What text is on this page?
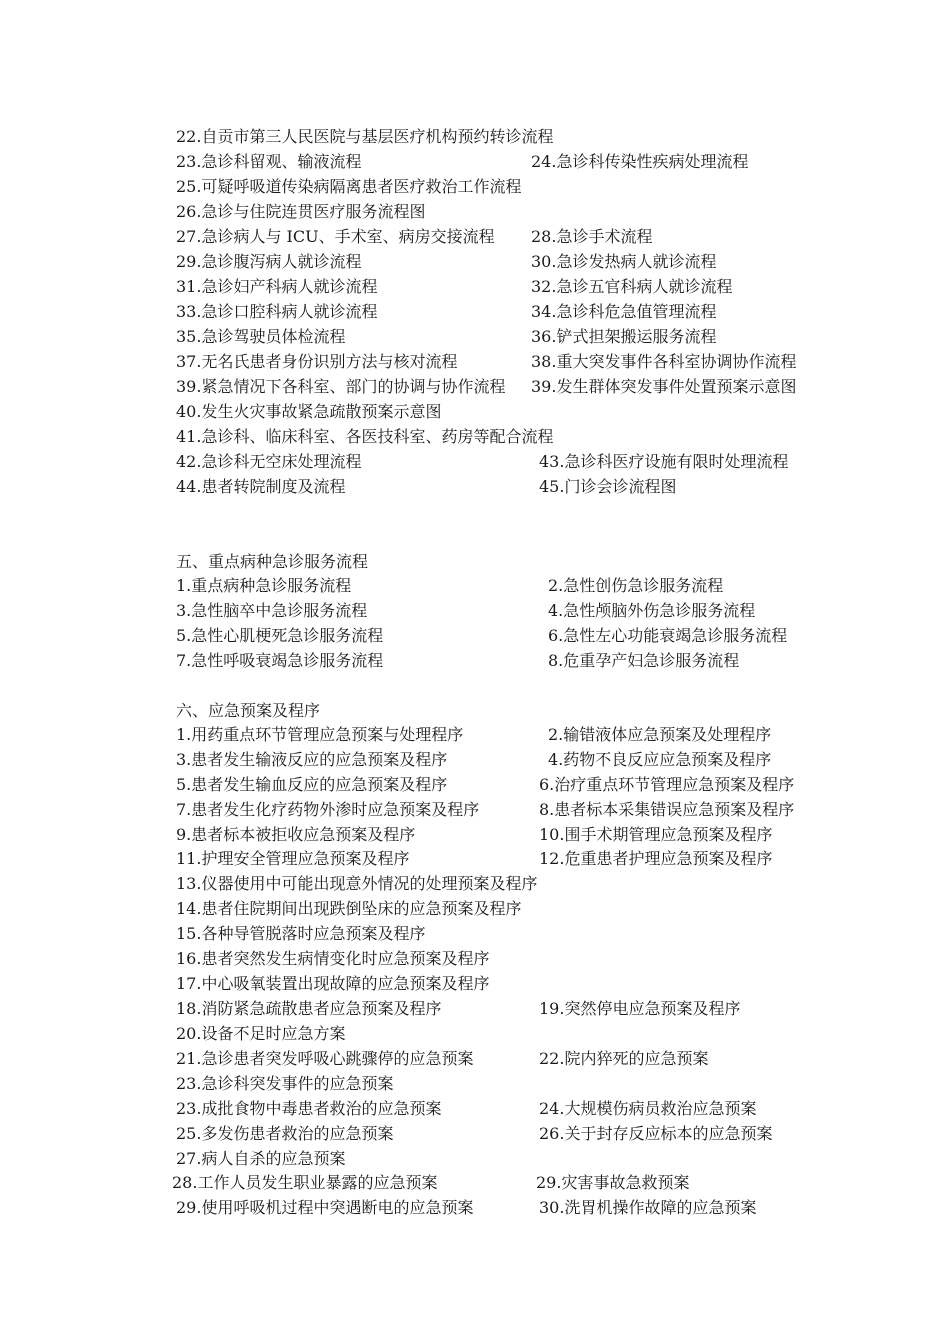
22.自贡市第三人民医院与基层医疗机构预约转诊流程
23.急诊科留观、输液流程	24.急诊科传染性疾病处理流程
25.可疑呼吸道传染病隔离患者医疗救治工作流程
26.急诊与住院连贯医疗服务流程图
27.急诊病人与 ICU、手术室、病房交接流程 28.急诊手术流程
29.急诊腹泻病人就诊流程	30.急诊发热病人就诊流程
31.急诊妇产科病人就诊流程	32.急诊五官科病人就诊流程
33.急诊口腔科病人就诊流程	34.急诊科危急值管理流程
35.急诊驾驶员体检流程	36.铲式担架搬运服务流程
37.无名氏患者身份识别方法与核对流程	38.重大突发事件各科室协调协作流程
39.紧急情况下各科室、部门的协调与协作流程 39.发生群体突发事件处置预案示意图
40.发生火灾事故紧急疏散预案示意图
41.急诊科、临床科室、各医技科室、药房等配合流程
42.急诊科无空床处理流程	43.急诊科医疗设施有限时处理流程
44.患者转院制度及流程	45.门诊会诊流程图
五、重点病种急诊服务流程
1.重点病种急诊服务流程	2.急性创伤急诊服务流程
3.急性脑卒中急诊服务流程	4.急性颅脑外伤急诊服务流程
5.急性心肌梗死急诊服务流程	6.急性左心功能衰竭急诊服务流程
7.急性呼吸衰竭急诊服务流程	8.危重孕产妇急诊服务流程
六、应急预案及程序
1.用药重点环节管理应急预案与处理程序	2.输错液体应急预案及处理程序
3.患者发生输液反应的应急预案及程序	4.药物不良反应应急预案及程序
5.患者发生输血反应的应急预案及程序	6.治疗重点环节管理应急预案及程序
7.患者发生化疗药物外渗时应急预案及程序	8.患者标本采集错误应急预案及程序
9.患者标本被拒收应急预案及程序	10.围手术期管理应急预案及程序
11.护理安全管理应急预案及程序	12.危重患者护理应急预案及程序
13.仪器使用中可能出现意外情况的处理预案及程序
14.患者住院期间出现跌倒坠床的应急预案及程序
15.各种导管脱落时应急预案及程序
16.患者突然发生病情变化时应急预案及程序
17.中心吸氧装置出现故障的应急预案及程序
18.消防紧急疏散患者应急预案及程序	19.突然停电应急预案及程序
20.设备不足时应急方案
21.急诊患者突发呼吸心跳骤停的应急预案	22.院内猝死的应急预案
23.急诊科突发事件的应急预案
23.成批食物中毒患者救治的应急预案	24.大规模伤病员救治应急预案
25.多发伤患者救治的应急预案	26.关于封存反应标本的应急预案
27.病人自杀的应急预案
28.工作人员发生职业暴露的应急预案	29.灾害事故急救预案
29.使用呼吸机过程中突遇断电的应急预案	30.洗胃机操作故障的应急预案
